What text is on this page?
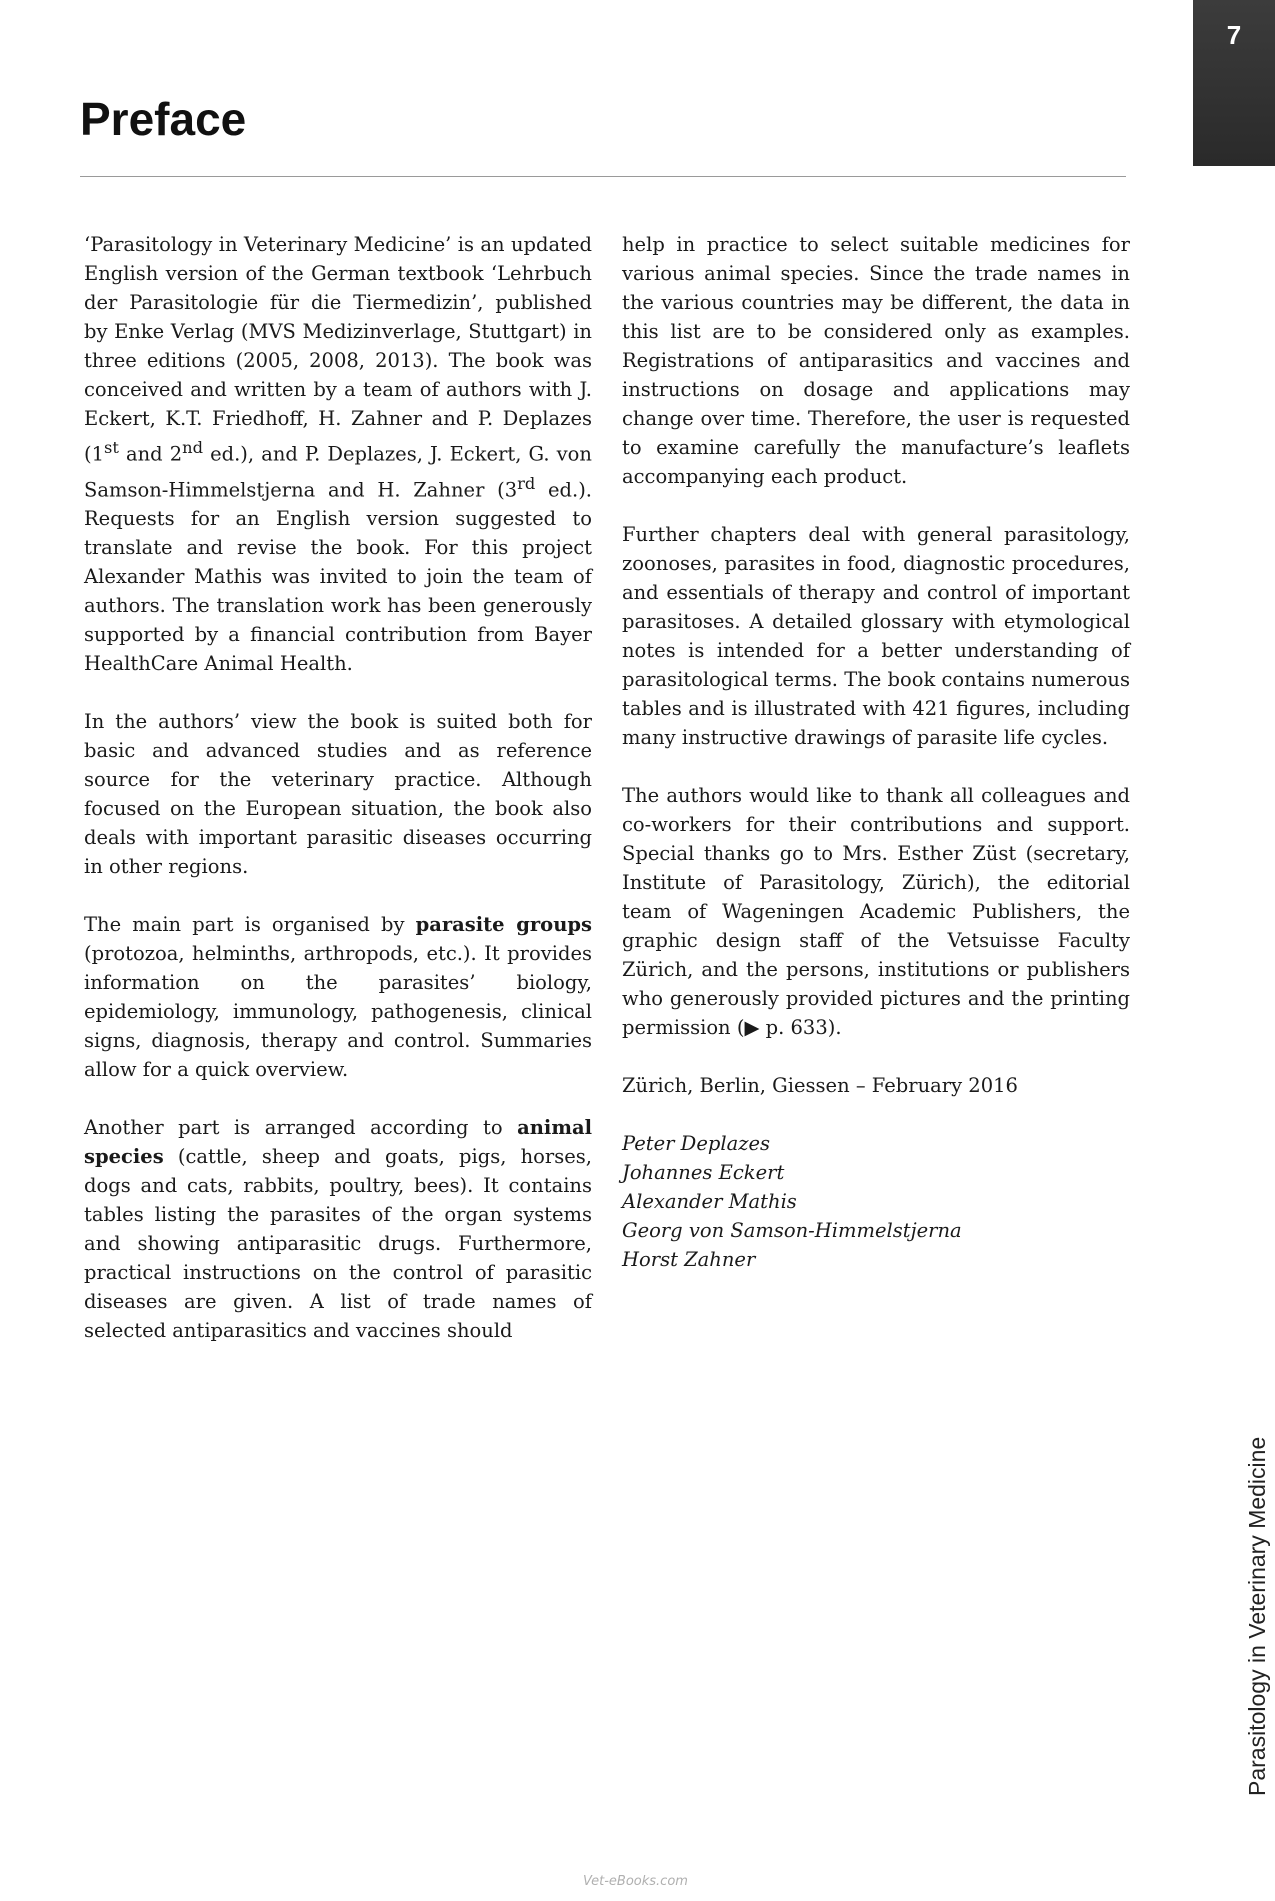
7
Preface

‘Parasitology in Veterinary Medicine’ is an updated English version of the German textbook ‘Lehrbuch der Parasitologie für die Tiermedizin’, published by Enke Verlag (MVS Medizinverlage, Stuttgart) in three editions (2005, 2008, 2013). The book was conceived and written by a team of authors with J. Eckert, K.T. Friedhoff, H. Zahner and P. Deplazes (1st and 2nd ed.), and P. Deplazes, J. Eckert, G. von Samson-Himmelstjerna and H. Zahner (3rd ed.). Requests for an English version suggested to translate and revise the book. For this project Alexander Mathis was invited to join the team of authors. The translation work has been generously supported by a financial contribution from Bayer HealthCare Animal Health.

In the authors’ view the book is suited both for basic and advanced studies and as reference source for the veterinary practice. Although focused on the European situation, the book also deals with important parasitic diseases occurring in other regions.

The main part is organised by parasite groups (protozoa, helminths, arthropods, etc.). It provides information on the parasites’ biology, epidemiology, immunology, pathogenesis, clinical signs, diagnosis, therapy and control. Summaries allow for a quick overview.

Another part is arranged according to animal species (cattle, sheep and goats, pigs, horses, dogs and cats, rabbits, poultry, bees). It contains tables listing the parasites of the organ systems and showing antiparasitic drugs. Furthermore, practical instructions on the control of parasitic diseases are given. A list of trade names of selected antiparasitics and vaccines should

help in practice to select suitable medicines for various animal species. Since the trade names in the various countries may be different, the data in this list are to be considered only as examples. Registrations of antiparasitics and vaccines and instructions on dosage and applications may change over time. Therefore, the user is requested to examine carefully the manufacture’s leaflets accompanying each product.

Further chapters deal with general parasitology, zoonoses, parasites in food, diagnostic procedures, and essentials of therapy and control of important parasitoses. A detailed glossary with etymological notes is intended for a better understanding of parasitological terms. The book contains numerous tables and is illustrated with 421 figures, including many instructive drawings of parasite life cycles.

The authors would like to thank all colleagues and co-workers for their contributions and support. Special thanks go to Mrs. Esther Züst (secretary, Institute of Parasitology, Zürich), the editorial team of Wageningen Academic Publishers, the graphic design staff of the Vetsuisse Faculty Zürich, and the persons, institutions or publishers who generously provided pictures and the printing permission (▶ p. 633).

Zürich, Berlin, Giessen – February 2016

Peter Deplazes
Johannes Eckert
Alexander Mathis
Georg von Samson-Himmelstjerna
Horst Zahner
Parasitology in Veterinary Medicine
Vet-eBooks.com
